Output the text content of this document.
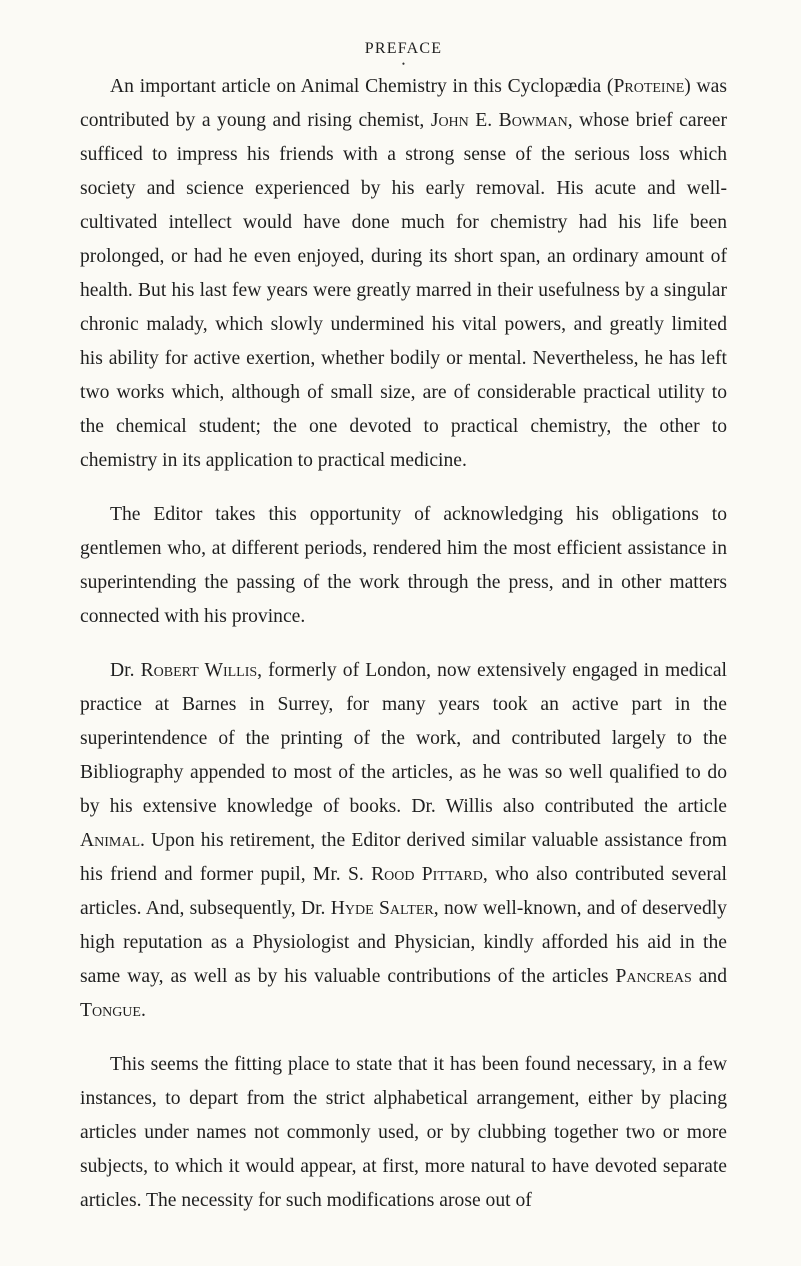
PREFACE
•

An important article on Animal Chemistry in this Cyclopædia (Proteine) was contributed by a young and rising chemist, John E. Bowman, whose brief career sufficed to impress his friends with a strong sense of the serious loss which society and science experienced by his early removal. His acute and well-cultivated intellect would have done much for chemistry had his life been prolonged, or had he even enjoyed, during its short span, an ordinary amount of health. But his last few years were greatly marred in their usefulness by a singular chronic malady, which slowly undermined his vital powers, and greatly limited his ability for active exertion, whether bodily or mental. Nevertheless, he has left two works which, although of small size, are of considerable practical utility to the chemical student; the one devoted to practical chemistry, the other to chemistry in its application to practical medicine.

The Editor takes this opportunity of acknowledging his obligations to gentlemen who, at different periods, rendered him the most efficient assistance in superintending the passing of the work through the press, and in other matters connected with his province.

Dr. Robert Willis, formerly of London, now extensively engaged in medical practice at Barnes in Surrey, for many years took an active part in the superintendence of the printing of the work, and contributed largely to the Bibliography appended to most of the articles, as he was so well qualified to do by his extensive knowledge of books. Dr. Willis also contributed the article Animal. Upon his retirement, the Editor derived similar valuable assistance from his friend and former pupil, Mr. S. Rood Pittard, who also contributed several articles. And, subsequently, Dr. Hyde Salter, now well-known, and of deservedly high reputation as a Physiologist and Physician, kindly afforded his aid in the same way, as well as by his valuable contributions of the articles Pancreas and Tongue.

This seems the fitting place to state that it has been found necessary, in a few instances, to depart from the strict alphabetical arrangement, either by placing articles under names not commonly used, or by clubbing together two or more subjects, to which it would appear, at first, more natural to have devoted separate articles. The necessity for such modifications arose out of
